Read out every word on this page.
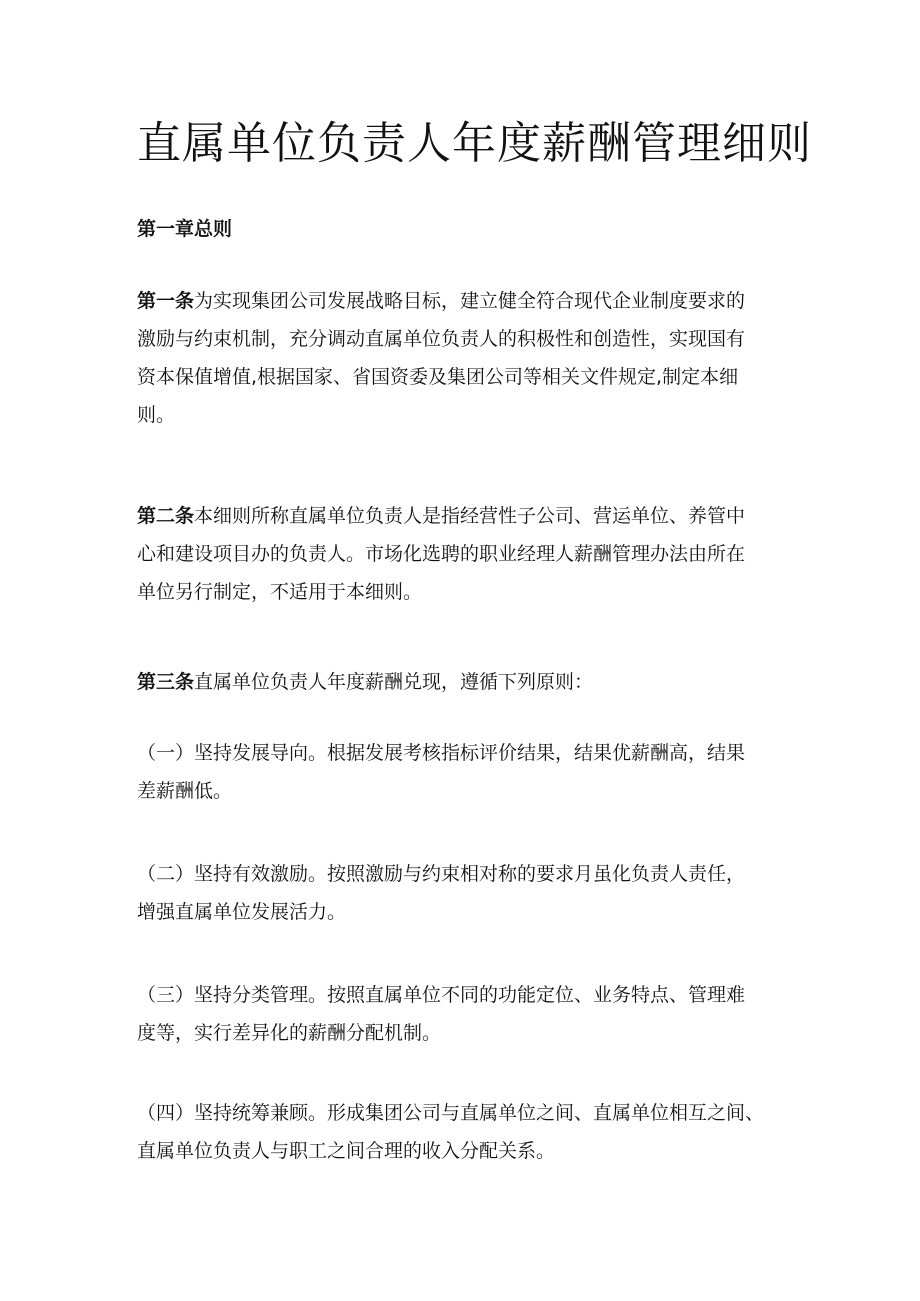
直属单位负责人年度薪酬管理细则
第一章总则
第一条为实现集团公司发展战略目标，建立健全符合现代企业制度要求的
激励与约束机制，充分调动直属单位负责人的积极性和创造性，实现国有
资本保值增值,根据国家、省国资委及集团公司等相关文件规定,制定本细
则。
第二条本细则所称直属单位负责人是指经营性子公司、营运单位、养管中
心和建设项目办的负责人。市场化选聘的职业经理人薪酬管理办法由所在
单位另行制定，不适用于本细则。
第三条直属单位负责人年度薪酬兑现，遵循下列原则：
（一）坚持发展导向。根据发展考核指标评价结果，结果优薪酬高，结果
差薪酬低。
（二）坚持有效激励。按照激励与约束相对称的要求月虽化负责人责任，
增强直属单位发展活力。
（三）坚持分类管理。按照直属单位不同的功能定位、业务特点、管理难
度等，实行差异化的薪酬分配机制。
（四）坚持统筹兼顾。形成集团公司与直属单位之间、直属单位相互之间、
直属单位负责人与职工之间合理的收入分配关系。
